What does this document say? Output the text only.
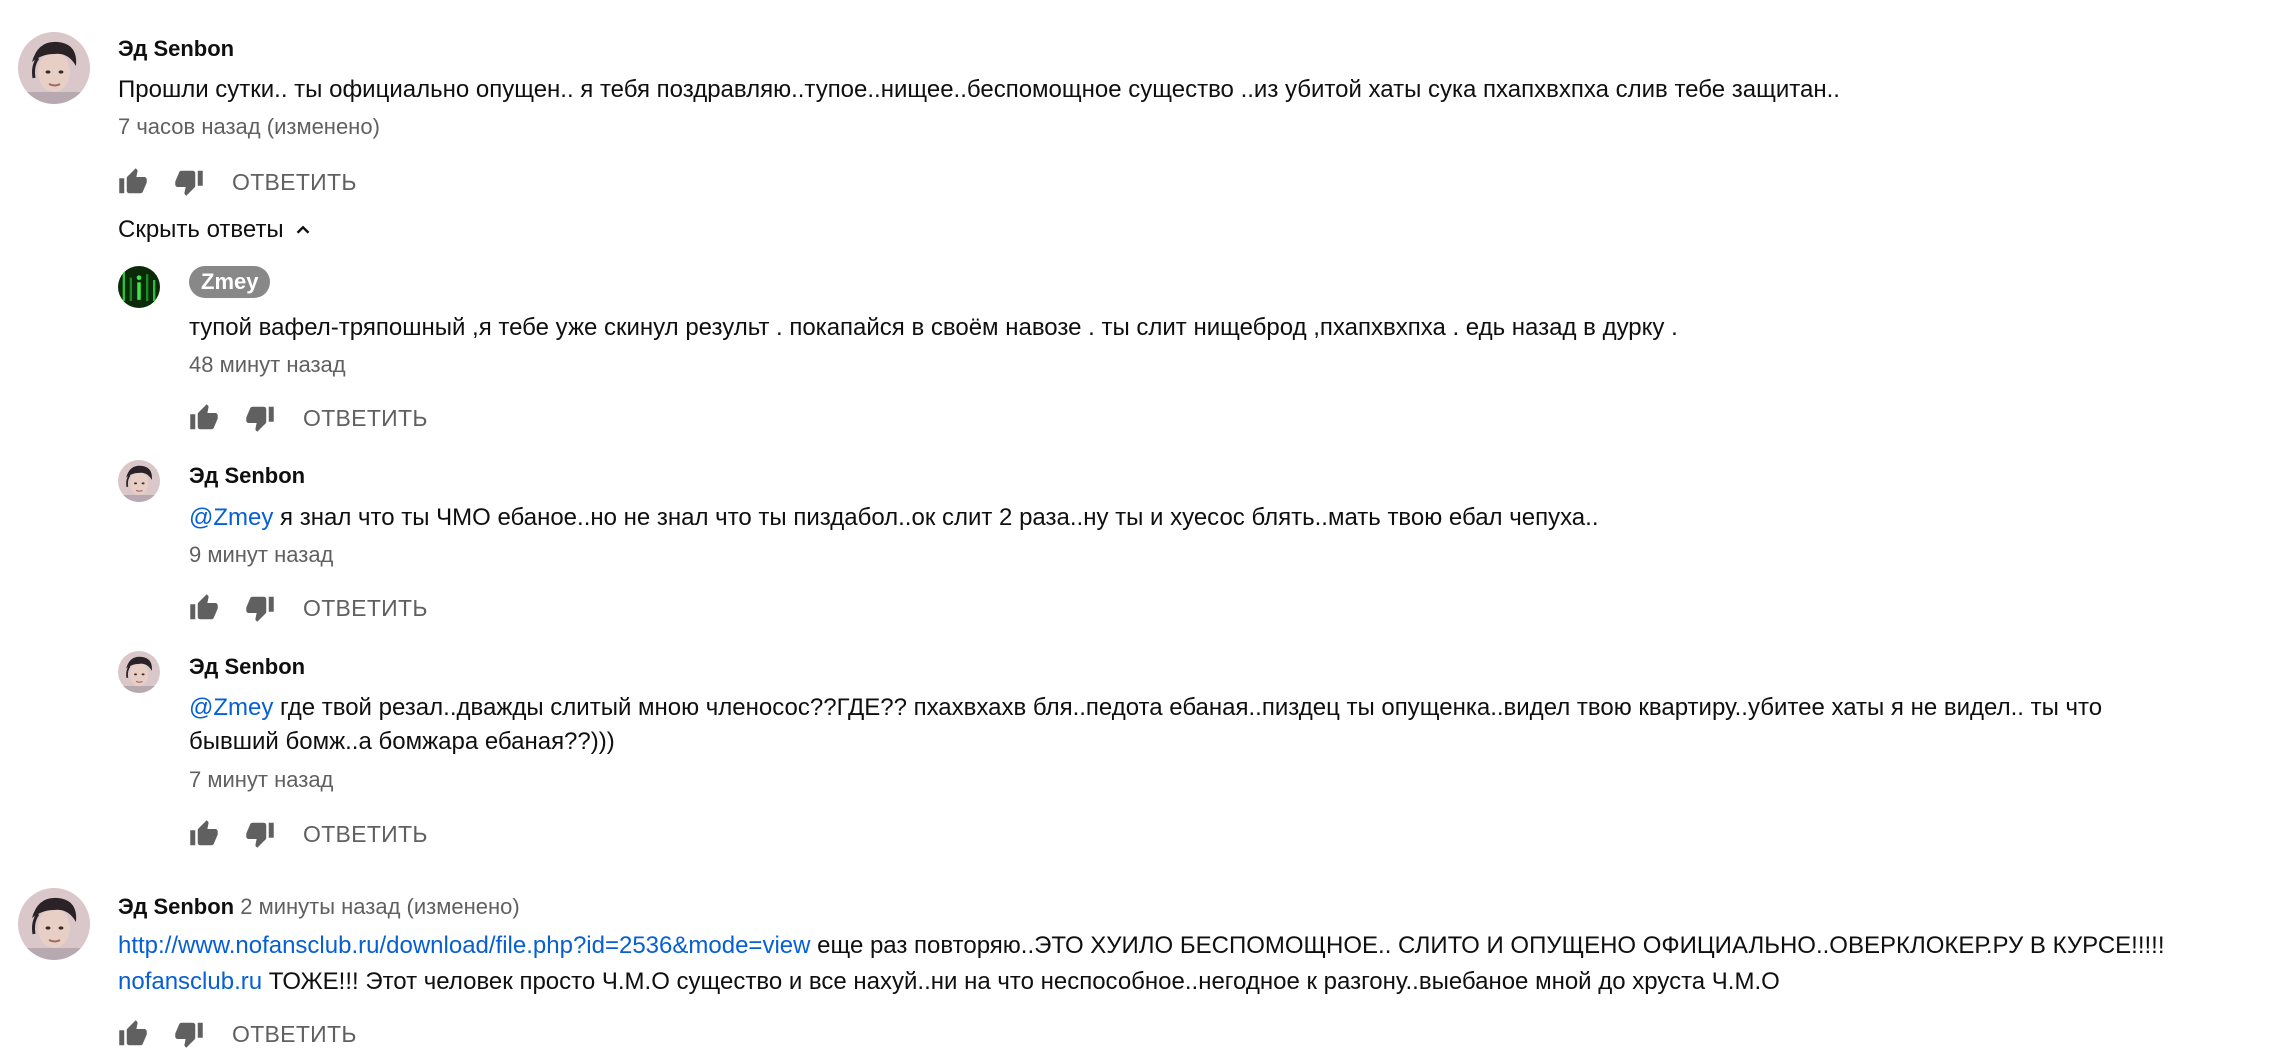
Эд Senbon
Прошли сутки.. ты официально опущен.. я тебя поздравляю..тупое..нищее..беспомощное существо ..из убитой хаты сука пхапхвхпха слив тебе защитан..
7 часов назад (изменено)
ОТВЕТИТЬ
Скрыть ответы
Zmey
тупой вафел-тряпошный ,я тебе уже скинул результ . покапайся в своём навозе . ты слит нищеброд ,пхапхвхпха . едь назад в дурку .
48 минут назад
ОТВЕТИТЬ
Эд Senbon
@Zmey я знал что ты ЧМО ебаное..но не знал что ты пиздабол..ок слит 2 раза..ну ты и хуесос блять..мать твою ебал чепуха..
9 минут назад
ОТВЕТИТЬ
Эд Senbon
@Zmey где твой резал..дважды слитый мною членосос??ГДЕ?? пхахвхахв бля..педота ебаная..пиздец ты опущенка..видел твою квартиру..убитее хаты я не видел.. ты что
бывший бомж..а бомжара ебаная??)))
7 минут назад
ОТВЕТИТЬ
Эд Senbon 2 минуты назад (изменено)
http://www.nofansclub.ru/download/file.php?id=2536&mode=view еще раз повторяю..ЭТО ХУИЛО БЕСПОМОЩНОЕ.. СЛИТО И ОПУЩЕНО ОФИЦИАЛЬНО..ОВЕРКЛОКЕР.РУ В КУРСЕ!!!!!
nofansclub.ru ТОЖЕ!!! Этот человек просто Ч.М.О существо и все нахуй..ни на что неспособное..негодное к разгону..выебаное мной до хруста Ч.М.О
ОТВЕТИТЬ
